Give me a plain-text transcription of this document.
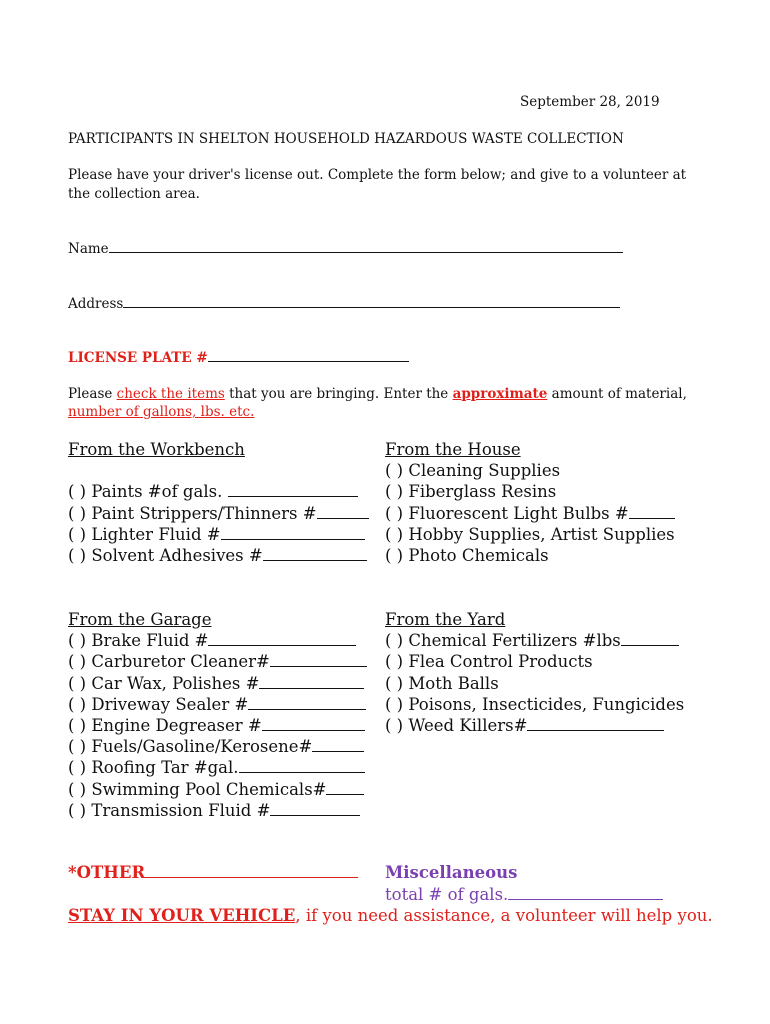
September 28, 2019
PARTICIPANTS IN SHELTON HOUSEHOLD HAZARDOUS WASTE COLLECTION
Please have your driver's license out. Complete the form below; and give to a volunteer at
the collection area.
Name
Address
LICENSE PLATE #
Please check the items that you are bringing. Enter the approximate amount of material,
number of gallons, lbs. etc.
From the Workbench

( ) Paints #of gals.
( ) Paint Strippers/Thinners #
( ) Lighter Fluid #
( ) Solvent Adhesives #
From the House
( ) Cleaning Supplies
( ) Fiberglass Resins
( ) Fluorescent Light Bulbs #
( ) Hobby Supplies, Artist Supplies
( ) Photo Chemicals
From the Garage
( ) Brake Fluid #
( ) Carburetor Cleaner#
( ) Car Wax, Polishes #
( ) Driveway Sealer #
( ) Engine Degreaser #
( ) Fuels/Gasoline/Kerosene#
( ) Roofing Tar #gal.
( ) Swimming Pool Chemicals#
( ) Transmission Fluid #
From the Yard
( ) Chemical Fertilizers #lbs
( ) Flea Control Products
( ) Moth Balls
( ) Poisons, Insecticides, Fungicides
( ) Weed Killers#
*OTHER	Miscellaneous
total # of gals.
STAY IN YOUR VEHICLE, if you need assistance, a volunteer will help you.
